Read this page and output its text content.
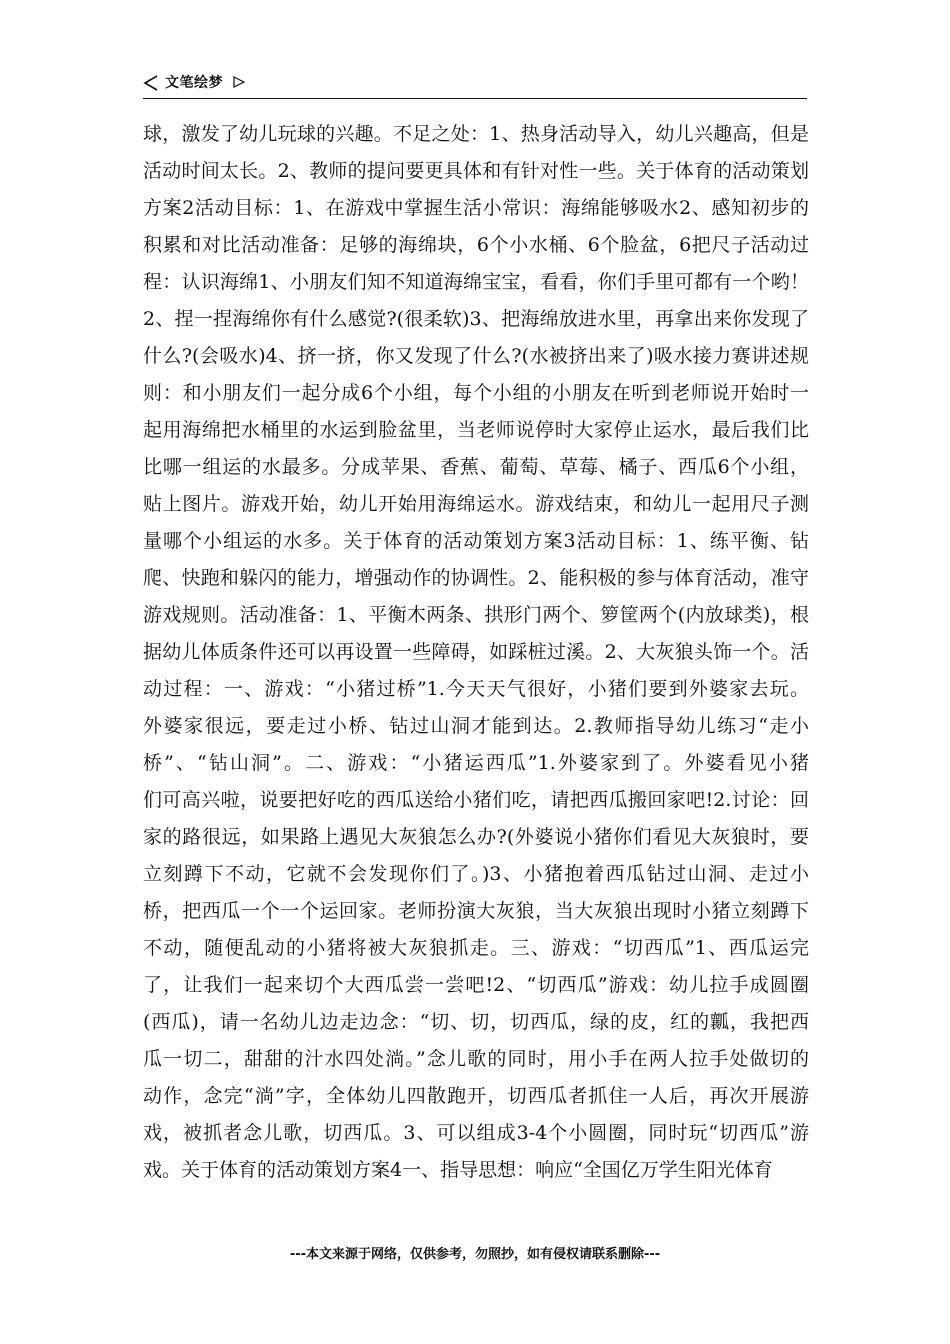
文笔绘梦
球，激发了幼儿玩球的兴趣。不足之处：1、热身活动导入，幼儿兴趣高，但是
活动时间太长。2、教师的提问要更具体和有针对性一些。关于体育的活动策划
方案2活动目标：1、在游戏中掌握生活小常识：海绵能够吸水2、感知初步的
积累和对比活动准备：足够的海绵块，6个小水桶、6个脸盆，6把尺子活动过
程：认识海绵1、小朋友们知不知道海绵宝宝，看看，你们手里可都有一个哟！
2、捏一捏海绵你有什么感觉?(很柔软)3、把海绵放进水里，再拿出来你发现了
什么?(会吸水)4、挤一挤，你又发现了什么?(水被挤出来了)吸水接力赛讲述规
则：和小朋友们一起分成6个小组，每个小组的小朋友在听到老师说开始时一
起用海绵把水桶里的水运到脸盆里，当老师说停时大家停止运水，最后我们比
比哪一组运的水最多。分成苹果、香蕉、葡萄、草莓、橘子、西瓜6个小组，
贴上图片。游戏开始，幼儿开始用海绵运水。游戏结束，和幼儿一起用尺子测
量哪个小组运的水多。关于体育的活动策划方案3活动目标：1、练平衡、钻
爬、快跑和躲闪的能力，增强动作的协调性。2、能积极的参与体育活动，准守
游戏规则。活动准备：1、平衡木两条、拱形门两个、箩筐两个(内放球类)，根
据幼儿体质条件还可以再设置一些障碍，如踩桩过溪。2、大灰狼头饰一个。活
动过程：一、游戏：“小猪过桥”1.今天天气很好，小猪们要到外婆家去玩。
外婆家很远，要走过小桥、钻过山洞才能到达。2.教师指导幼儿练习“走小
桥”、“钻山洞”。二、游戏：“小猪运西瓜”1.外婆家到了。外婆看见小猪
们可高兴啦，说要把好吃的西瓜送给小猪们吃，请把西瓜搬回家吧!2.讨论：回
家的路很远，如果路上遇见大灰狼怎么办?(外婆说小猪你们看见大灰狼时，要
立刻蹲下不动，它就不会发现你们了。)3、小猪抱着西瓜钻过山洞、走过小
桥，把西瓜一个一个运回家。老师扮演大灰狼，当大灰狼出现时小猪立刻蹲下
不动，随便乱动的小猪将被大灰狼抓走。三、游戏：“切西瓜”1、西瓜运完
了，让我们一起来切个大西瓜尝一尝吧!2、“切西瓜”游戏：幼儿拉手成圆圈
(西瓜)，请一名幼儿边走边念：“切、切，切西瓜，绿的皮，红的瓤，我把西
瓜一切二，甜甜的汁水四处淌。”念儿歌的同时，用小手在两人拉手处做切的
动作，念完“淌”字，全体幼儿四散跑开，切西瓜者抓住一人后，再次开展游
戏，被抓者念儿歌，切西瓜。3、可以组成3-4个小圆圈，同时玩“切西瓜”游
戏。关于体育的活动策划方案4一、指导思想：响应“全国亿万学生阳光体育
---本文来源于网络，仅供参考，勿照抄，如有侵权请联系删除---
